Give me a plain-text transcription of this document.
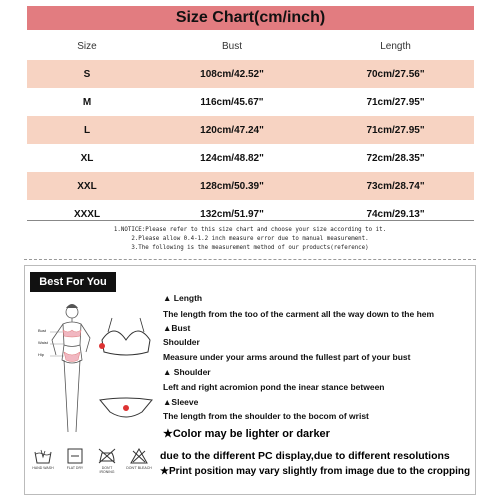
Size Chart(cm/inch)
Size	Bust	Length
S	108cm/42.52"	70cm/27.56"
M	116cm/45.67"	71cm/27.95"
L	120cm/47.24"	71cm/27.95"
XL	124cm/48.82"	72cm/28.35"
XXL	128cm/50.39"	73cm/28.74"
XXXL	132cm/51.97"	74cm/29.13"
1.NOTICE:Please refer to this size chart and choose your size according to it.
2.Please allow 0.4-1.2 inch measure error due to manual measurement.
3.The following is the measurement method of our products(reference)
Best For You
Bust
Waist
Hip
▲ Length
The length from the too of the carment all the way down to the hem
▲Bust
Shoulder
Measure under your arms around the fullest part of your bust
▲ Shoulder
Left and right acromion pond the inear stance between
▲Sleeve
The length from the shoulder to the bocom of wrist
★Color may be lighter or darker
due to the different PC display,due to different resolutions
★Print position may vary slightly from image due to the cropping
HAND WASH	FLAT DRY	DON'T IRONING
DON'T BLEACH
